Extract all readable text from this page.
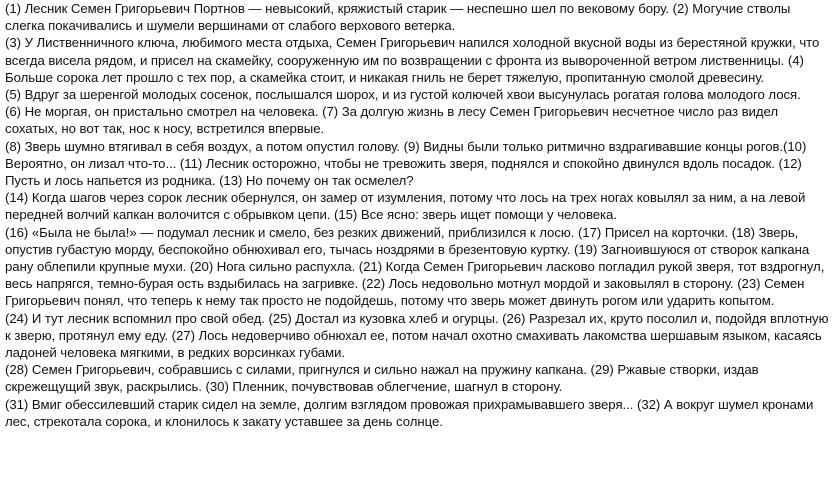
(1) Лесник Семен Григорьевич Портнов — невысокий, кряжистый старик — неспешно шел по вековому бору. (2) Могучие стволы слегка покачивались и шумели вершинами от слабого верхового ветерка.

(3) У Лиственничного ключа, любимого места отдыха, Семен Григорьевич напился холодной вкусной воды из берестяной кружки, что всегда висела рядом, и присел на скамейку, сооруженную им по возвращении с фронта из вывороченной ветром лиственницы. (4) Больше сорока лет прошло с тех пор, а скамейка стоит, и никакая гниль не берет тяжелую, пропитанную смолой древесину.

(5) Вдруг за шеренгой молодых сосенок, послышался шорох, и из густой колючей хвои высунулась рогатая голова молодого лося.

(6) Не моргая, он пристально смотрел на человека. (7) За долгую жизнь в лесу Семен Григорьевич несчетное число раз видел сохатых, но вот так, нос к носу, встретился впервые.

(8) Зверь шумно втягивал в себя воздух, а потом опустил голову. (9) Видны были только ритмично вздрагивавшие концы рогов.(10) Вероятно, он лизал что-то... (11) Лесник осторожно, чтобы не тревожить зверя, поднялся и спокойно двинулся вдоль посадок. (12) Пусть и лось напьется из родника. (13) Но почему он так осмелел?

(14) Когда шагов через сорок лесник обернулся, он замер от изумления, потому что лось на трех ногах ковылял за ним, а на левой передней волчий капкан волочится с обрывком цепи. (15) Все ясно: зверь ищет помощи у человека.

(16) «Была не была!» — подумал лесник и смело, без резких движений, приблизился к лосю. (17) Присел на корточки. (18) Зверь, опустив губастую морду, беспокойно обнюхивал его, тычась ноздрями в брезентовую куртку. (19) Загноившуюся от створок капкана рану облепили крупные мухи. (20) Нога сильно распухла. (21) Когда Семен Григорьевич ласково погладил рукой зверя, тот вздрогнул, весь напрягся, темно-бурая ость вздыбилась на загривке. (22) Лось недовольно мотнул мордой и заковылял в сторону. (23) Семен Григорьевич понял, что теперь к нему так просто не подойдешь, потому что зверь может двинуть рогом или ударить копытом.

(24) И тут лесник вспомнил про свой обед. (25) Достал из кузовка хлеб и огурцы. (26) Разрезал их, круто посолил и, подойдя вплотную к зверю, протянул ему еду. (27) Лось недоверчиво обнюхал ее, потом начал охотно смахивать лакомства шершавым языком, касаясь ладоней человека мягкими, в редких ворсинках губами.

(28) Семен Григорьевич, собравшись с силами, пригнулся и сильно нажал на пружину капкана. (29) Ржавые створки, издав скрежещущий звук, раскрылись. (30) Пленник, почувствовав облегчение, шагнул в сторону.

(31) Вмиг обессилевший старик сидел на земле, долгим взглядом провожая прихрамывавшего зверя... (32) А вокруг шумел кронами лес, стрекотала сорока, и клонилось к закату уставшее за день солнце.
